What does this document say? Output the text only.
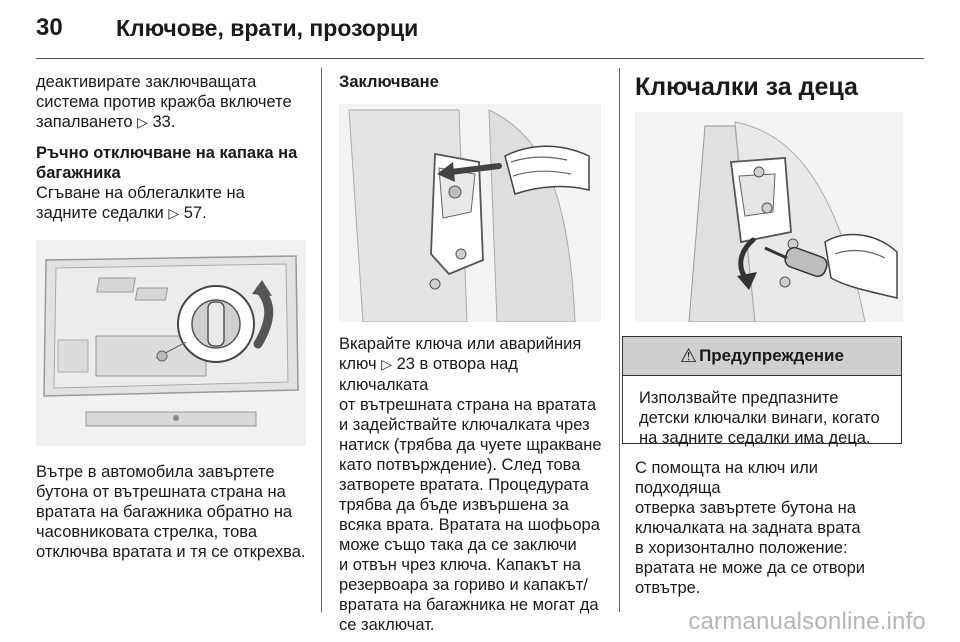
30 Ключове, врати, прозорци

деактивирате заключващата
система против кражба включете
запалването ▷ 33.

Ръчно отключване на капака на
багажника

Сгъване на облегалките на
задните седалки ▷ 57.

Вътре в автомобила завъртете
бутона от вътрешната страна на
вратата на багажника обратно на
часовниковата стрелка, това
отключва вратата и тя се открехва.

Заключване

Вкарайте ключа или аварийния
ключ ▷ 23 в отвора над ключалката
от вътрешната страна на вратата
и задействайте ключалката чрез
натиск (трябва да чуете щракване
като потвърждение). След това
затворете вратата. Процедурата
трябва да бъде извършена за
всяка врата. Вратата на шофьора
може също така да се заключи
и отвън чрез ключа. Капакът на
резервоара за гориво и капакът/
вратата на багажника не могат да
се заключат.

Ключалки за деца

⚠ Предупреждение
Използвайте предпазните
детски ключалки винаги, когато
на задните седалки има деца.
С помощта на ключ или подходяща
отверка завъртете бутона на
ключалката на задната врата
в хоризонтално положение:
вратата не може да се отвори
отвътре.
carmanualsonline.info
